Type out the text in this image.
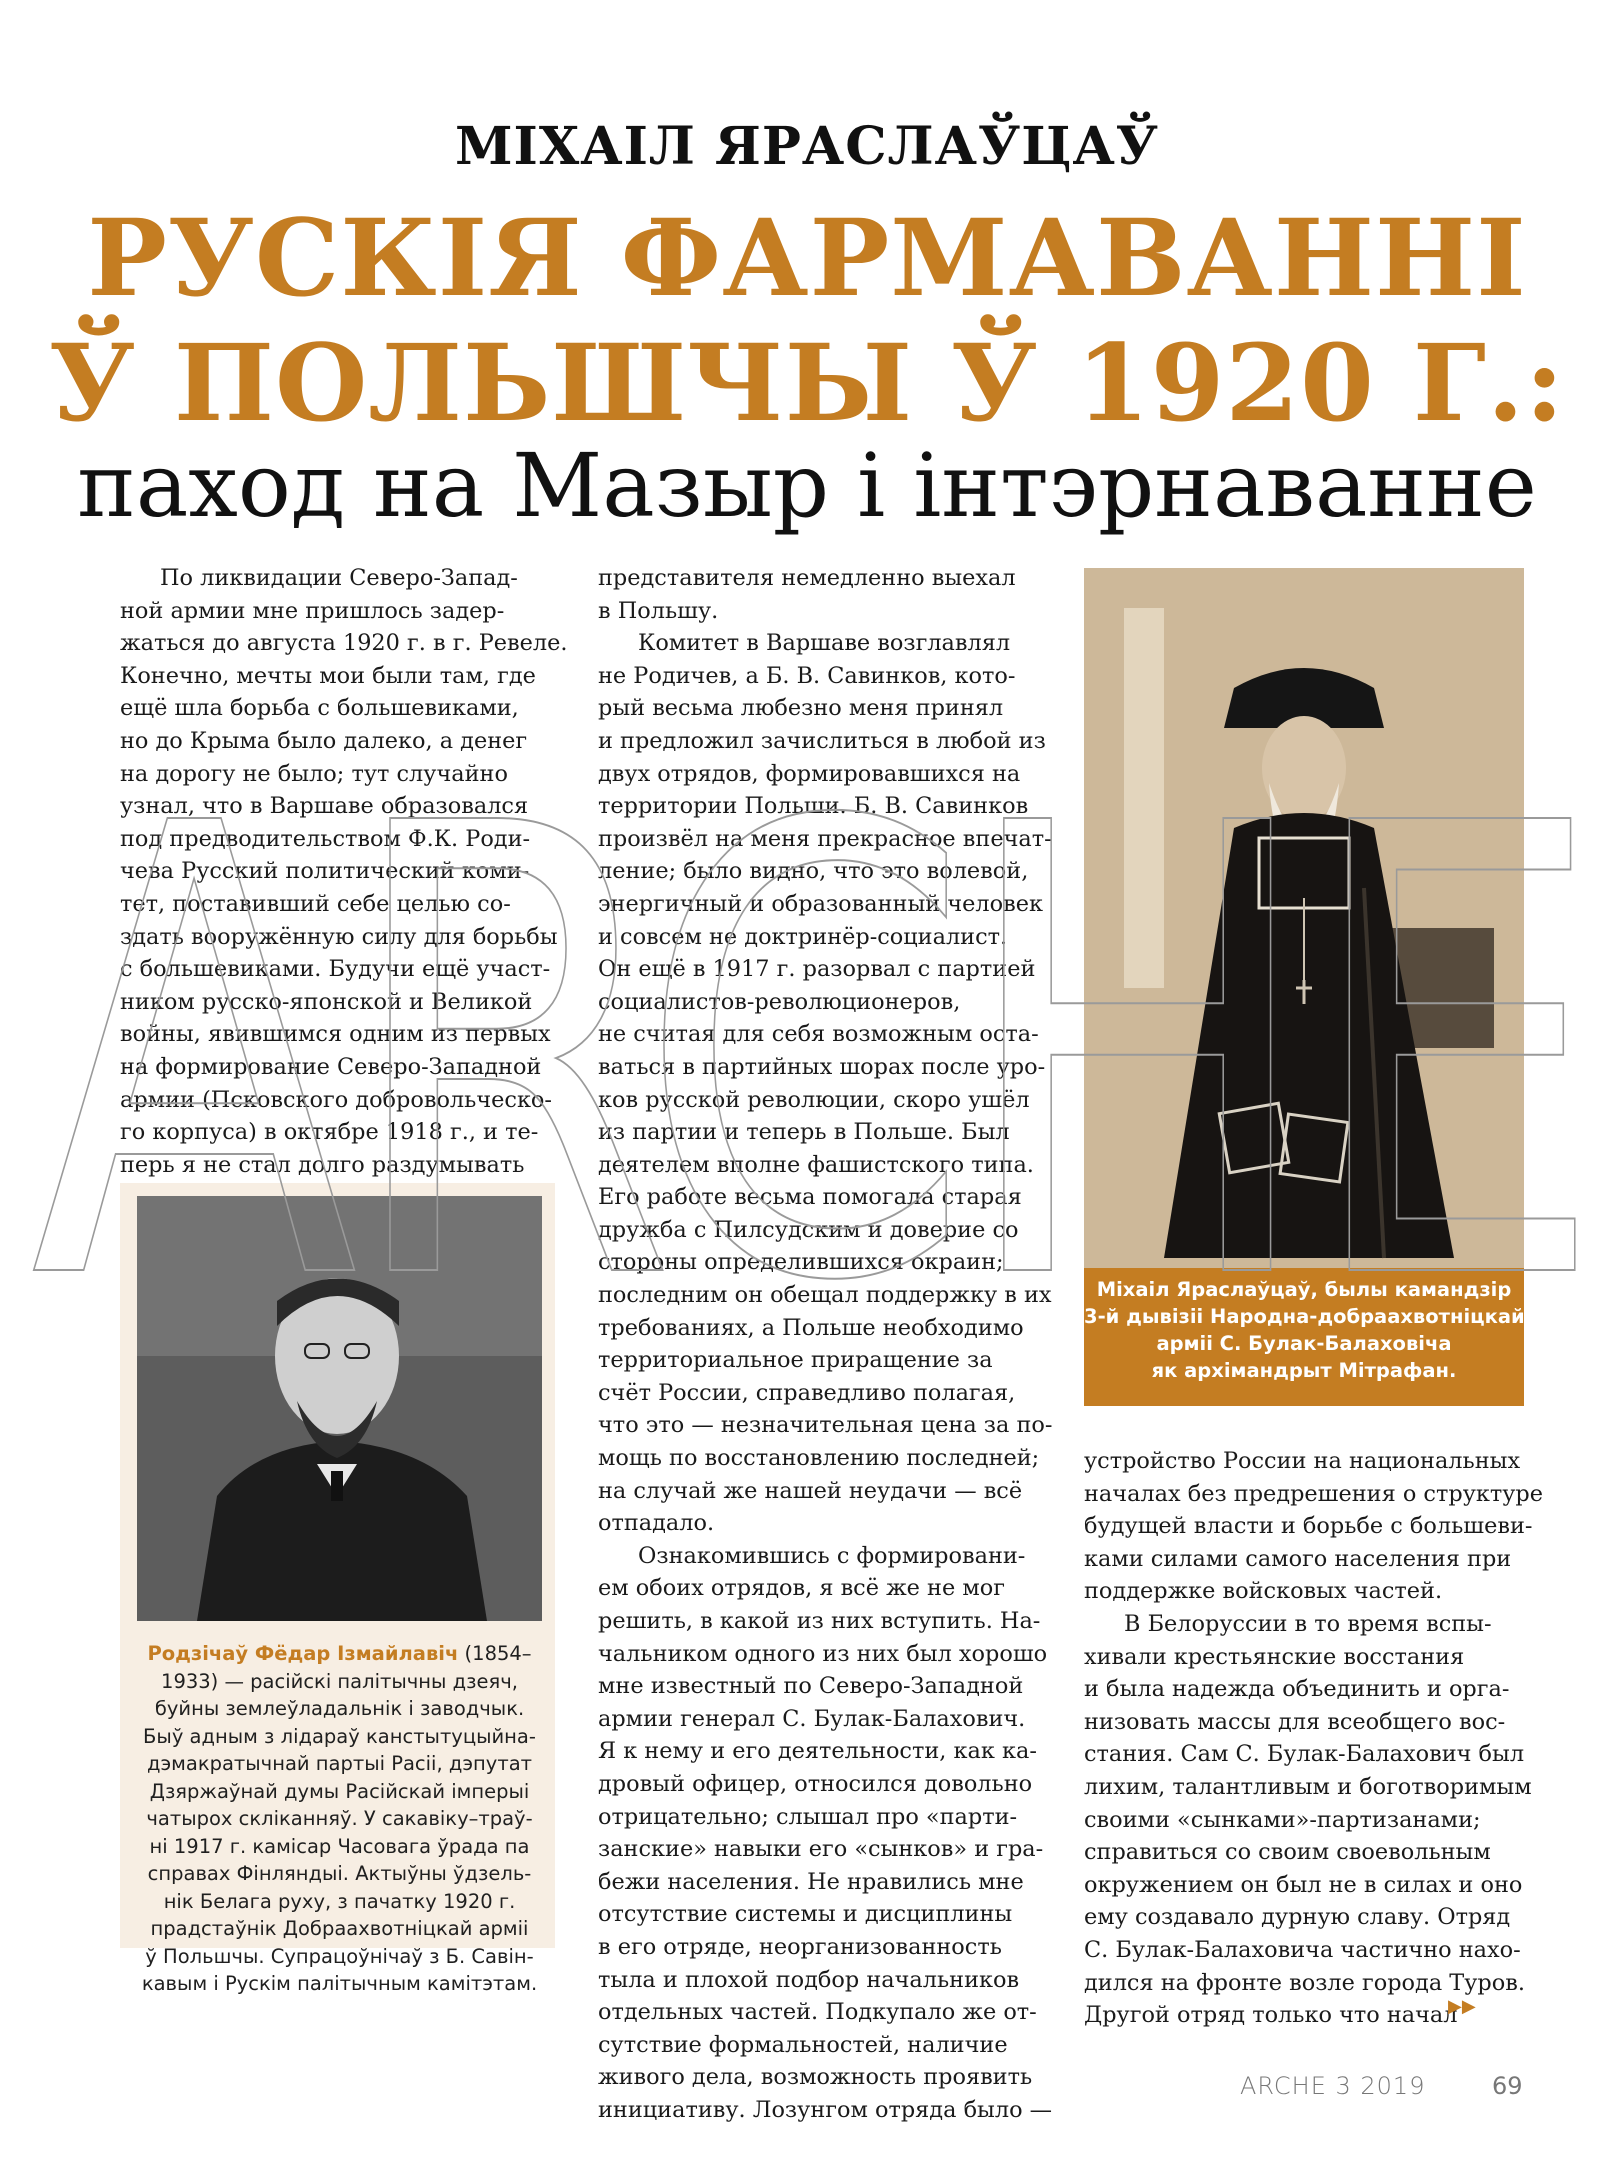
МІХАІЛ ЯРАСЛАЎЦАЎ
РУСКІЯ ФАРМАВАННІ
Ў ПОЛЬШЧЫ Ў 1920 Г.:
паход на Мазыр і інтэрнаванне

По ликвидации Северо-Запад-

ной армии мне пришлось задер-

жаться до августа 1920 г. в г. Ревеле.

Конечно, мечты мои были там, где

ещё шла борьба с большевиками,

но до Крыма было далеко, а денег

на дорогу не было; тут случайно

узнал, что в Варшаве образовался

под предводительством Ф.К. Роди-

чева Русский политический коми-

тет, поставивший себе целью со-

здать вооружённую силу для борьбы

с большевиками. Будучи ещё участ-

ником русско-японской и Великой

войны, явившимся одним из первых

на формирование Северо-Западной

армии (Псковского добровольческо-

го корпуса) в октябре 1918 г., и те-

перь я не стал долго раздумывать

Родзічаў Фёдар Ізмайлавіч (1854–

1933) — расійскі палітычны дзеяч,

буйны землеўладальнік і заводчык.

Быў адным з лідараў канстытуцыйна-

дэмакратычнай партыі Расіі, дэпутат

Дзяржаўнай думы Расійскай імперыі

чатырох скліканняў. У сакавіку–траў-

ні 1917 г. камісар Часовага ўрада па

справах Фінляндыі. Актыўны ўдзель-

нік Белага руху, з пачатку 1920 г.

прадстаўнік Добраахвотніцкай арміі

ў Польшчы. Супрацоўнічаў з Б. Савін-

кавым і Рускім палітычным камітэтам.

представителя немедленно выехал

в Польшу.

Комитет в Варшаве возглавлял

не Родичев, а Б. В. Савинков, кото-

рый весьма любезно меня принял

и предложил зачислиться в любой из

двух отрядов, формировавшихся на

территории Польши. Б. В. Савинков

произвёл на меня прекрасное впечат-

ление; было видно, что это волевой,

энергичный и образованный человек

и совсем не доктринёр-социалист.

Он ещё в 1917 г. разорвал с партией

социалистов-революционеров,

не считая для себя возможным оста-

ваться в партийных шорах после уро-

ков русской революции, скоро ушёл

из партии и теперь в Польше. Был

деятелем вполне фашистского типа.

Его работе весьма помогала старая

дружба с Пилсудским и доверие со

стороны определившихся окраин;

последним он обещал поддержку в их

требованиях, а Польше необходимо

территориальное приращение за

счёт России, справедливо полагая,

что это — незначительная цена за по-

мощь по восстановлению последней;

на случай же нашей неудачи — всё

отпадало.

Ознакомившись с формировани-

ем обоих отрядов, я всё же не мог

решить, в какой из них вступить. На-

чальником одного из них был хорошо

мне известный по Северо-Западной

армии генерал С. Булак-Балахович.

Я к нему и его деятельности, как ка-

дровый офицер, относился довольно

отрицательно; слышал про «парти-

занские» навыки его «сынков» и гра-

бежи населения. Не нравились мне

отсутствие системы и дисциплины

в его отряде, неорганизованность

тыла и плохой подбор начальников

отдельных частей. Подкупало же от-

сутствие формальностей, наличие

живого дела, возможность проявить

инициативу. Лозунгом отряда было —

Міхаіл Яраслаўцаў, былы камандзір

3-й дывізіі Народна-добраахвотніцкай

арміі С. Булак-Балаховіча

як архімандрыт Мітрафан.

устройство России на национальных

началах без предрешения о структуре

будущей власти и борьбе с большеви-

ками силами самого населения при

поддержке войсковых частей.

В Белоруссии в то время вспы-

хивали крестьянские восстания

и была надежда объединить и орга-

низовать массы для всеобщего вос-

стания. Сам С. Булак-Балахович был

лихим, талантливым и боготворимым

своими «сынками»-партизанами;

справиться со своим своевольным

окружением он был не в силах и оно

ему создавало дурную славу. Отряд

С. Булак-Балаховича частично нахо-

дился на фронте возле города Туров.

Другой отряд только что начал

▶▶
ARCHE
ARCHE 3 2019	69
